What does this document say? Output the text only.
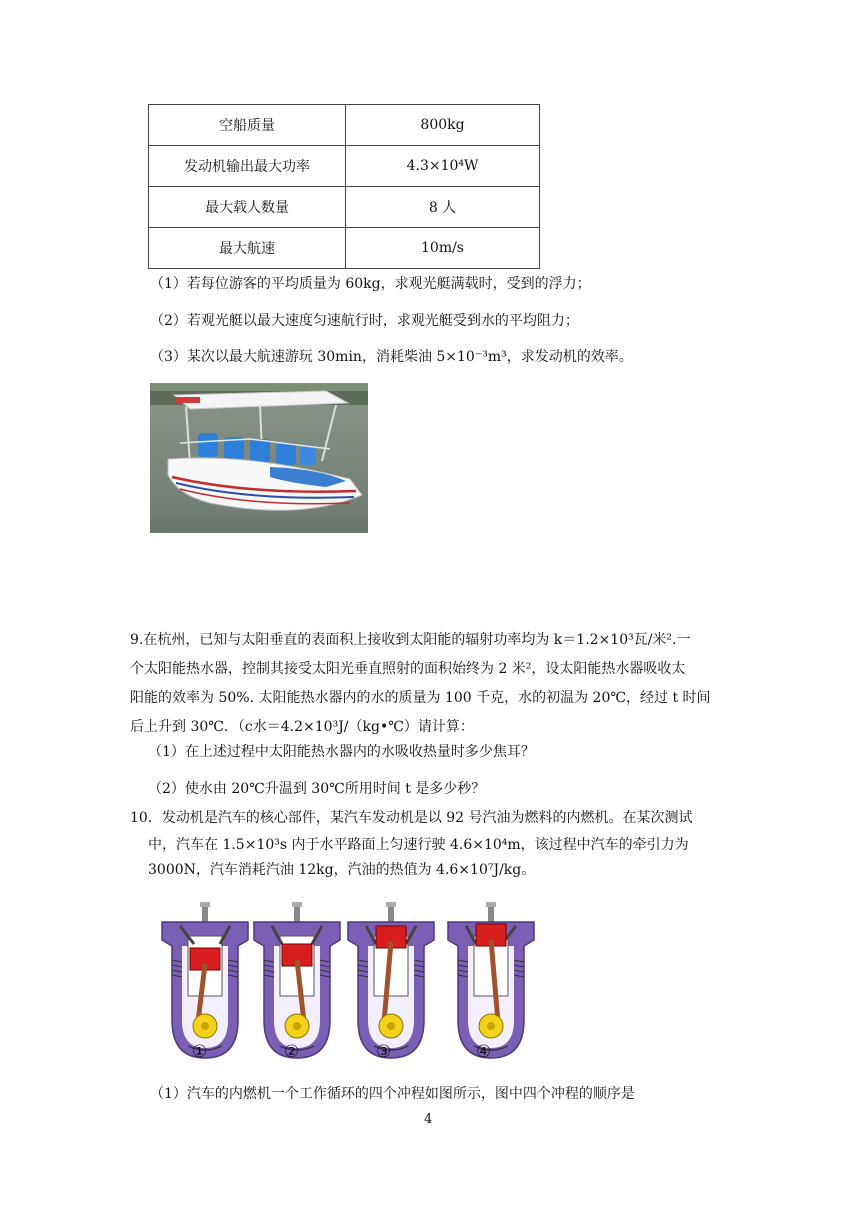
空船质量	800kg
发动机输出最大功率	4.3×10⁴W
最大载人数量	8 人
最大航速	10m/s
（1）若每位游客的平均质量为 60kg，求观光艇满载时，受到的浮力；
（2）若观光艇以最大速度匀速航行时，求观光艇受到水的平均阻力；
（3）某次以最大航速游玩 30min，消耗柴油 5×10⁻³m³，求发动机的效率。
9.在杭州，已知与太阳垂直的表面积上接收到太阳能的辐射功率均为 k＝1.2×10³瓦/米².一
个太阳能热水器，控制其接受太阳光垂直照射的面积始终为 2 米²，设太阳能热水器吸收太
阳能的效率为 50%. 太阳能热水器内的水的质量为 100 千克，水的初温为 20℃，经过 t 时间
后上升到 30℃．（c水＝4.2×10³J/（kg•℃）请计算：
（1）在上述过程中太阳能热水器内的水吸收热量时多少焦耳？
（2）使水由 20℃升温到 30℃所用时间 t 是多少秒？
10．发动机是汽车的核心部件，某汽车发动机是以 92 号汽油为燃料的内燃机。在某次测试
中，汽车在 1.5×10³s 内于水平路面上匀速行驶 4.6×10⁴m，该过程中汽车的牵引力为
3000N，汽车消耗汽油 12kg，汽油的热值为 4.6×10⁷J/kg。
①	②	③	④
（1）汽车的内燃机一个工作循环的四个冲程如图所示，图中四个冲程的顺序是
4
